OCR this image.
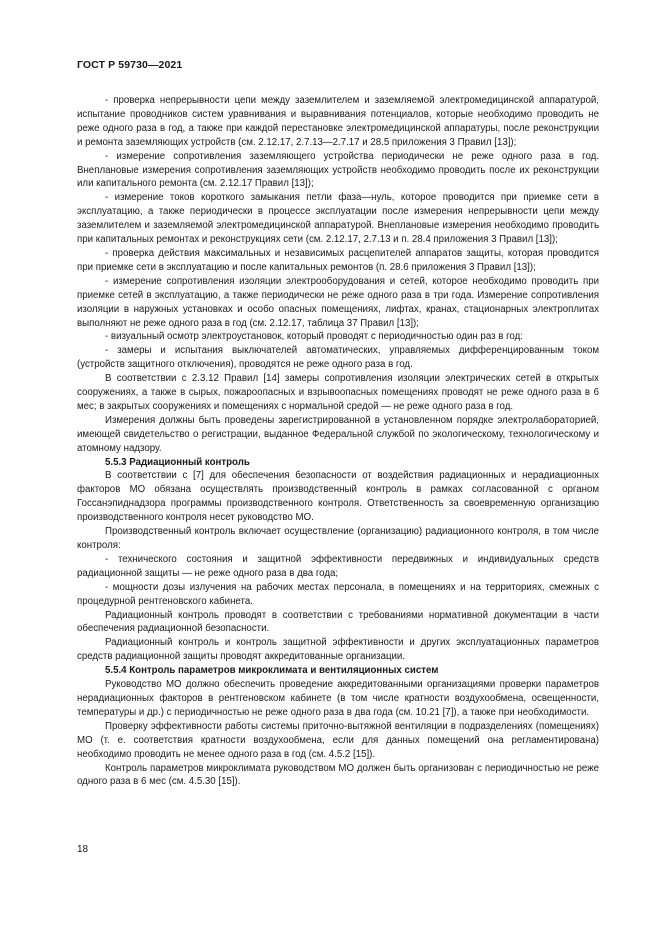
ГОСТ Р 59730—2021

- проверка непрерывности цепи между заземлителем и заземляемой электромедицинской аппаратурой, испытание проводников систем уравнивания и выравнивания потенциалов, которые необходимо проводить не реже одного раза в год, а также при каждой перестановке электромедицинской аппаратуры, после реконструкции и ремонта заземляющих устройств (см. 2.12.17, 2.7.13—2.7.17 и 28.5 приложения 3 Правил [13]);

- измерение сопротивления заземляющего устройства периодически не реже одного раза в год. Внеплановые измерения сопротивления заземляющих устройств необходимо проводить после их реконструкции или капитального ремонта (см. 2.12.17 Правил [13]);

- измерение токов короткого замыкания петли фаза—нуль, которое проводится при приемке сети в эксплуатацию, а также периодически в процессе эксплуатации после измерения непрерывности цепи между заземлителем и заземляемой электромедицинской аппаратурой. Внеплановые измерения необходимо проводить при капитальных ремонтах и реконструкциях сети (см. 2.12.17, 2.7.13 и п. 28.4 приложения 3 Правил [13]);

- проверка действия максимальных и независимых расцепителей аппаратов защиты, которая проводится при приемке сети в эксплуатацию и после капитальных ремонтов (п. 28.6 приложения 3 Правил [13]);

- измерение сопротивления изоляции электрооборудования и сетей, которое необходимо проводить при приемке сетей в эксплуатацию, а также периодически не реже одного раза в три года. Измерение сопротивления изоляции в наружных установках и особо опасных помещениях, лифтах, кранах, стационарных электроплитах выполняют не реже одного раза в год (см. 2.12.17, таблица 37 Правил [13]);

- визуальный осмотр электроустановок, который проводят с периодичностью один раз в год:

- замеры и испытания выключателей автоматических, управляемых дифференцированным током (устройств защитного отключения), проводятся не реже одного раза в год.

В соответствии с 2.3.12 Правил [14] замеры сопротивления изоляции электрических сетей в открытых сооружениях, а также в сырых, пожароопасных и взрывоопасных помещениях проводят не реже одного раза в 6 мес; в закрытых сооружениях и помещениях с нормальной средой — не реже одного раза в год.

Измерения должны быть проведены зарегистрированной в установленном порядке электролабораторией, имеющей свидетельство о регистрации, выданное Федеральной службой по экологическому, технологическому и атомному надзору.

5.5.3 Радиационный контроль

В соответствии с [7] для обеспечения безопасности от воздействия радиационных и нерадиационных факторов МО обязана осуществлять производственный контроль в рамках согласованной с органом Госсанэпиднадзора программы производственного контроля. Ответственность за своевременную организацию производственного контроля несет руководство МО.

Производственный контроль включает осуществление (организацию) радиационного контроля, в том числе контроля:

- технического состояния и защитной эффективности передвижных и индивидуальных средств радиационной защиты — не реже одного раза в два года;

- мощности дозы излучения на рабочих местах персонала, в помещениях и на территориях, смежных с процедурной рентгеновского кабинета.

Радиационный контроль проводят в соответствии с требованиями нормативной документации в части обеспечения радиационной безопасности.

Радиационный контроль и контроль защитной эффективности и других эксплуатационных параметров средств радиационной защиты проводят аккредитованные организации.

5.5.4 Контроль параметров микроклимата и вентиляционных систем

Руководство МО должно обеспечить проведение аккредитованными организациями проверки параметров нерадиационных факторов в рентгеновском кабинете (в том числе кратности воздухообмена, освещенности, температуры и др.) с периодичностью не реже одного раза в два года (см. 10.21 [7]), а также при необходимости.

Проверку эффективности работы системы приточно-вытяжной вентиляции в подразделениях (помещениях) МО (т. е. соответствия кратности воздухообмена, если для данных помещений она регламентирована) необходимо проводить не менее одного раза в год (см. 4.5.2 [15]).

Контроль параметров микроклимата руководством МО должен быть организован с периодичностью не реже одного раза в 6 мес (см. 4.5.30 [15]).

18
